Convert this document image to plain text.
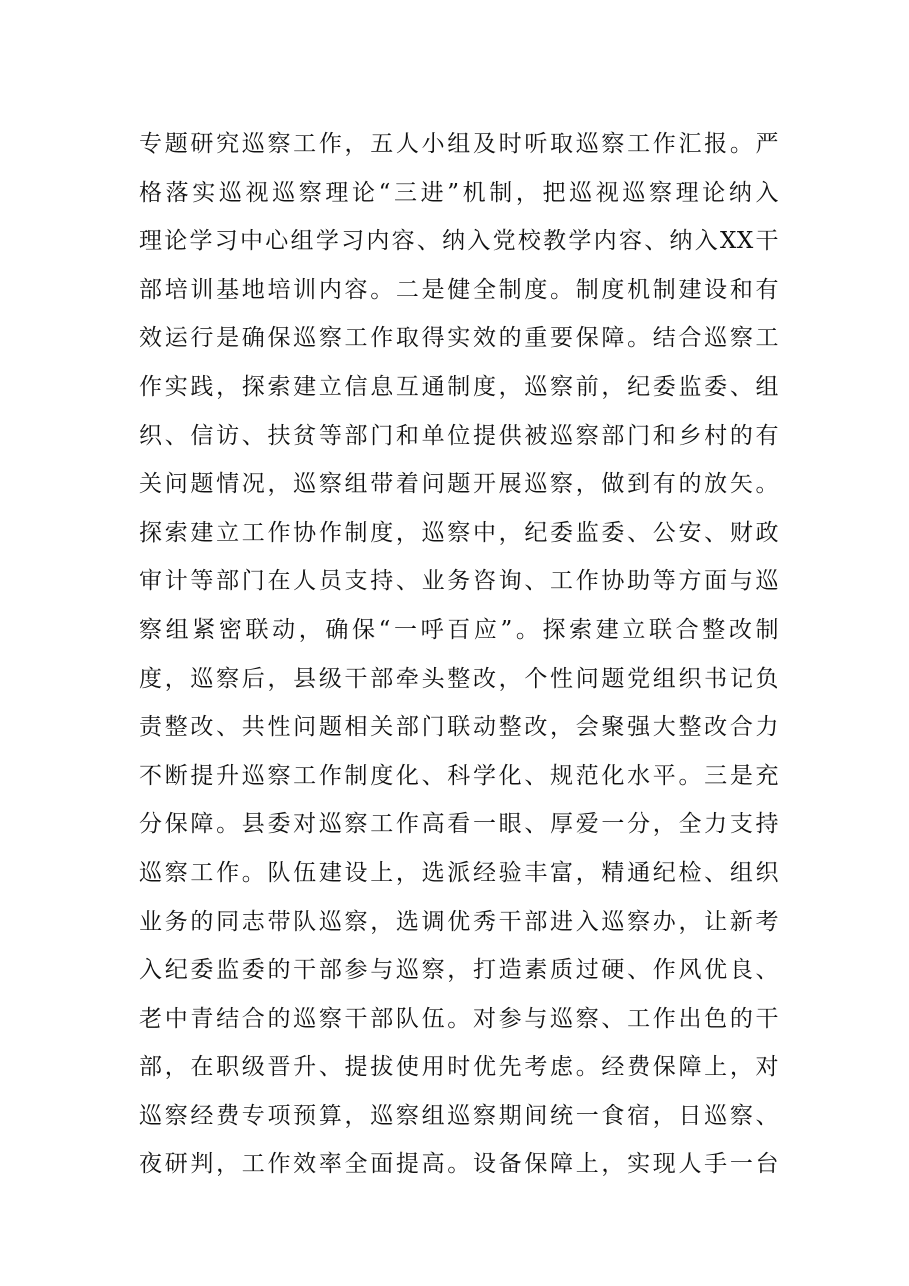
专题研究巡察工作，五人小组及时听取巡察工作汇报。严
格落实巡视巡察理论“三进”机制，把巡视巡察理论纳入
理论学习中心组学习内容、纳入党校教学内容、纳入XX干
部培训基地培训内容。二是健全制度。制度机制建设和有
效运行是确保巡察工作取得实效的重要保障。结合巡察工
作实践，探索建立信息互通制度，巡察前，纪委监委、组
织、信访、扶贫等部门和单位提供被巡察部门和乡村的有
关问题情况，巡察组带着问题开展巡察，做到有的放矢。
探索建立工作协作制度，巡察中，纪委监委、公安、财政
审计等部门在人员支持、业务咨询、工作协助等方面与巡
察组紧密联动，确保“一呼百应”。探索建立联合整改制
度，巡察后，县级干部牵头整改，个性问题党组织书记负
责整改、共性问题相关部门联动整改，会聚强大整改合力
不断提升巡察工作制度化、科学化、规范化水平。三是充
分保障。县委对巡察工作高看一眼、厚爱一分，全力支持
巡察工作。队伍建设上，选派经验丰富，精通纪检、组织
业务的同志带队巡察，选调优秀干部进入巡察办，让新考
入纪委监委的干部参与巡察，打造素质过硬、作风优良、
老中青结合的巡察干部队伍。对参与巡察、工作出色的干
部，在职级晋升、提拔使用时优先考虑。经费保障上，对
巡察经费专项预算，巡察组巡察期间统一食宿，日巡察、
夜研判，工作效率全面提高。设备保障上，实现人手一台
